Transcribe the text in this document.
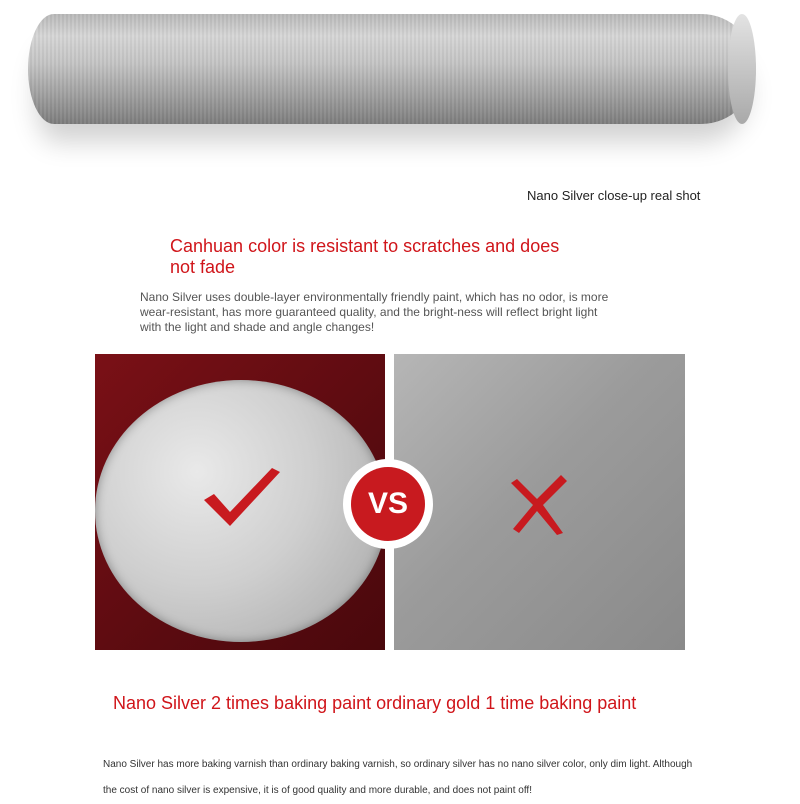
Nano Silver close-up real shot
Canhuan color is resistant to scratches and does not fade
Nano Silver uses double-layer environmentally friendly paint, which has no odor, is more wear-resistant, has more guaranteed quality, and the bright-ness will reflect bright light with the light and shade and angle changes!
VS
Nano Silver 2 times baking paint ordinary gold 1 time baking paint
Nano Silver has more baking varnish than ordinary baking varnish, so ordinary silver has no nano silver color, only dim light. Although the cost of nano silver is expensive, it is of good quality and more durable, and does not paint off!
